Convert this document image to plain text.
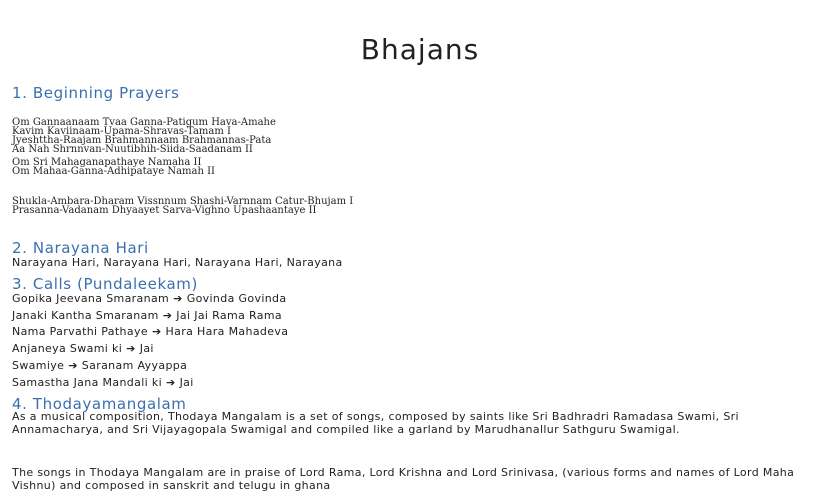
Bhajans
1. Beginning Prayers
Om Gannaanaam Tvaa Ganna-Patigum Hava-Amahe
Kavim Kaviinaam-Upama-Shravas-Tamam I
Jyeshttha-Raajam Brahmannaam Brahmannas-Pata
Aa Nah Shrnnvan-Nuutibhih-Siida-Saadanam II
Om Sri Mahaganapathaye Namaha II
Om Mahaa-Ganna-Adhipataye Namah II
Shukla-Ambara-Dharam Vissnnum Shashi-Varnnam Catur-Bhujam I
Prasanna-Vadanam Dhyaayet Sarva-Vighno Upashaantaye II
2. Narayana Hari
Narayana Hari, Narayana Hari, Narayana Hari, Narayana
3. Calls (Pundaleekam)
Gopika Jeevana Smaranam ➔ Govinda Govinda
Janaki Kantha Smaranam ➔ Jai Jai Rama Rama
Nama Parvathi Pathaye ➔ Hara Hara Mahadeva
Anjaneya Swami ki ➔ Jai
Swamiye ➔ Saranam Ayyappa
Samastha Jana Mandali ki ➔ Jai
4. Thodayamangalam
As a musical composition, Thodaya Mangalam is a set of songs, composed by saints like Sri Badhradri Ramadasa Swami, Sri Annamacharya, and Sri Vijayagopala Swamigal and compiled like a garland by Marudhanallur Sathguru Swamigal.
The songs in Thodaya Mangalam are in praise of Lord Rama, Lord Krishna and Lord Srinivasa, (various forms and names of Lord Maha Vishnu) and composed in sanskrit and telugu in ghana
